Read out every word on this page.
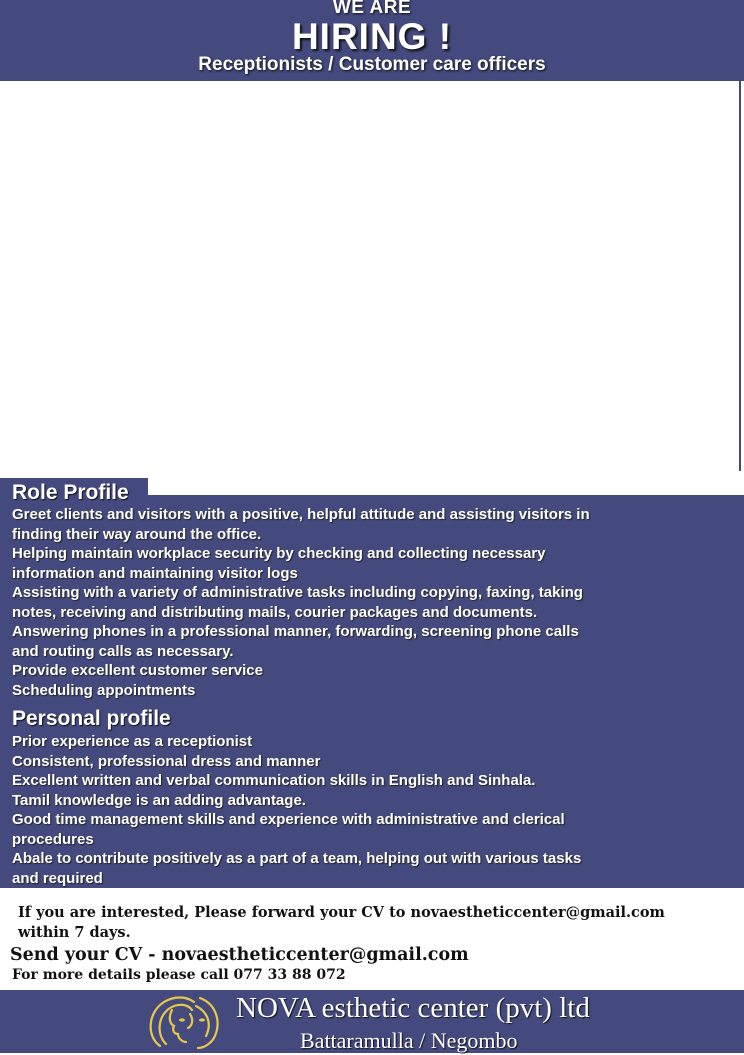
WE ARE
HIRING !
Receptionists / Customer care officers
Role Profile
Greet clients and visitors with a positive, helpful attitude and assisting visitors in
finding their way around the office.
Helping maintain workplace security by checking and collecting necessary
information and maintaining visitor logs
Assisting with a variety of administrative tasks including copying, faxing, taking
notes, receiving and distributing mails, courier packages and documents.
Answering phones in a professional manner, forwarding, screening phone calls
and routing calls as necessary.
Provide excellent customer service
Scheduling appointments
Personal profile
Prior experience as a receptionist
Consistent, professional dress and manner
Excellent written and verbal communication skills in English and Sinhala.
Tamil knowledge is an adding advantage.
Good time management skills and experience with administrative and clerical
procedures
Abale to contribute positively as a part of a team, helping out with various tasks
and required
If you are interested, Please forward your CV to novaestheticcenter@gmail.com
within 7 days.
Send your CV - novaestheticcenter@gmail.com
For more details please call 077 33 88 072
NOVA esthetic center (pvt) ltd
Battaramulla / Negombo
